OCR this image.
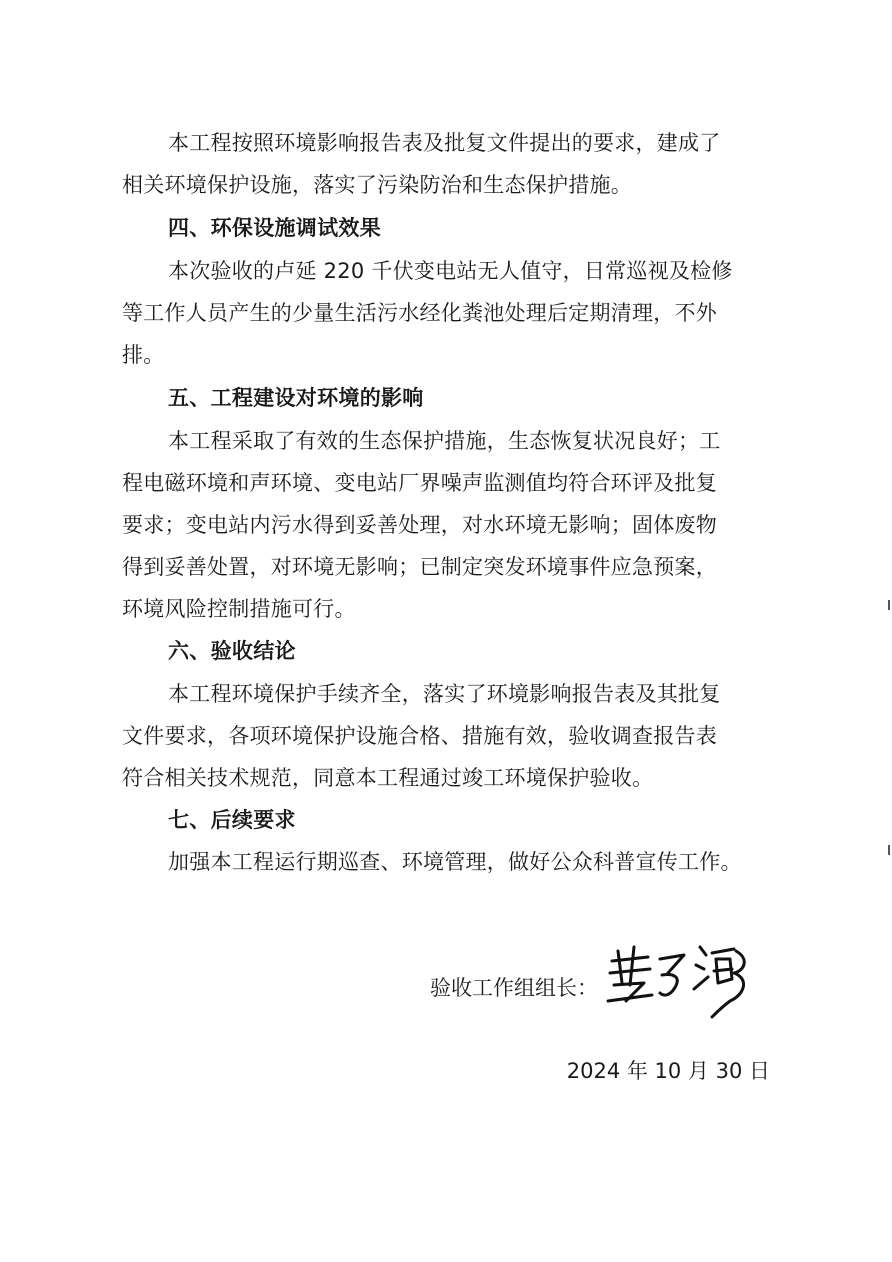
本工程按照环境影响报告表及批复文件提出的要求，建成了
相关环境保护设施，落实了污染防治和生态保护措施。
四、环保设施调试效果
本次验收的卢延 220 千伏变电站无人值守，日常巡视及检修
等工作人员产生的少量生活污水经化粪池处理后定期清理，不外
排。
五、工程建设对环境的影响
本工程采取了有效的生态保护措施，生态恢复状况良好；工
程电磁环境和声环境、变电站厂界噪声监测值均符合环评及批复
要求；变电站内污水得到妥善处理，对水环境无影响；固体废物
得到妥善处置，对环境无影响；已制定突发环境事件应急预案，
环境风险控制措施可行。
六、验收结论
本工程环境保护手续齐全，落实了环境影响报告表及其批复
文件要求，各项环境保护设施合格、措施有效，验收调查报告表
符合相关技术规范，同意本工程通过竣工环境保护验收。
七、后续要求
加强本工程运行期巡查、环境管理，做好公众科普宣传工作。
验收工作组组长：
2024 年 10 月 30 日
